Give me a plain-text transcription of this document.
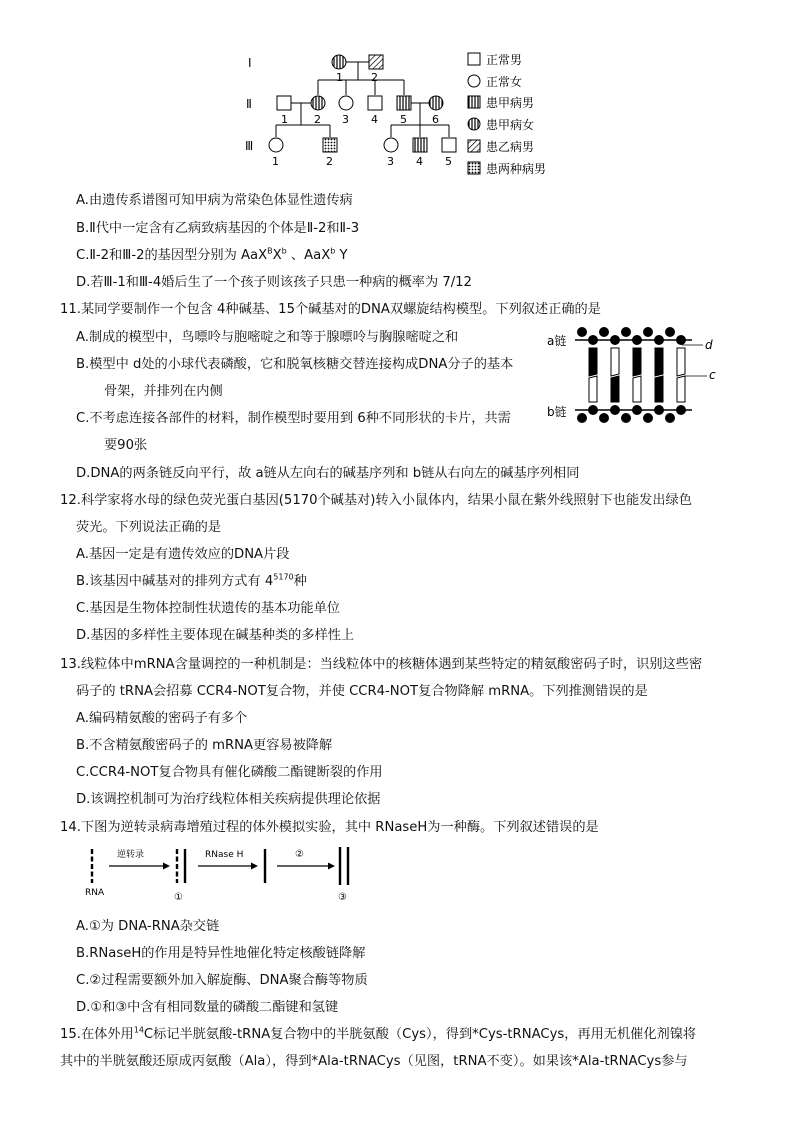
Ⅰ
Ⅱ
Ⅲ
1	2
1 2 3 4 5 6
1	2	3 4 5
正常男
正常女
患甲病男
患甲病女
患乙病男
患两种病男
A.由遗传系谱图可知甲病为常染色体显性遗传病
B.Ⅱ代中一定含有乙病致病基因的个体是Ⅱ-2和Ⅱ-3
C.Ⅱ-2和Ⅲ-2的基因型分别为 $AaX^BX^b$ 、AaX$^b$ Y
D.若Ⅲ-1和Ⅲ-4婚后生了一个孩子则该孩子只患一种病的概率为 7/12
11.某同学要制作一个包含 4种碱基、15个碱基对的DNA双螺旋结构模型。下列叙述正确的是
A.制成的模型中，鸟嘌呤与胞嘧啶之和等于腺嘌呤与胸腺嘧啶之和
B.模型中 d处的小球代表磷酸，它和脱氧核糖交替连接构成DNA分子的基本
骨架，并排列在内侧
C.不考虑连接各部件的材料，制作模型时要用到 6种不同形状的卡片，共需
要90张
D.DNA的两条链反向平行，故 a链从左向右的碱基序列和 b链从右向左的碱基序列相同
a链
b链
d
c
12.科学家将水母的绿色荧光蛋白基因(5170个碱基对)转入小鼠体内，结果小鼠在紫外线照射下也能发出绿色
荧光。下列说法正确的是
A.基因一定是有遗传效应的DNA片段
B.该基因中碱基对的排列方式有 $4^{5170}$种
C.基因是生物体控制性状遗传的基本功能单位
D.基因的多样性主要体现在碱基种类的多样性上
13.线粒体中mRNA含量调控的一种机制是：当线粒体中的核糖体遇到某些特定的精氨酸密码子时，识别这些密
码子的 tRNA会招募 CCR4-NOT复合物，并使 CCR4-NOT复合物降解 mRNA。下列推测错误的是
A.编码精氨酸的密码子有多个
B.不含精氨酸密码子的 mRNA更容易被降解
C.CCR4-NOT复合物具有催化磷酸二酯键断裂的作用
D.该调控机制可为治疗线粒体相关疾病提供理论依据
14.下图为逆转录病毒增殖过程的体外模拟实验，其中 RNaseH为一种酶。下列叙述错误的是
RNA
逆转录
①
RNase H	②
③
A.①为 DNA-RNA杂交链
B.RNaseH的作用是特异性地催化特定核酸链降解
C.②过程需要额外加入解旋酶、DNA聚合酶等物质
D.①和③中含有相同数量的磷酸二酯键和氢键
15.在体外用$^{14}$C标记半胱氨酸-tRNA复合物中的半胱氨酸（Cys），得到*Cys-tRNACys，再用无机催化剂镍将
其中的半胱氨酸还原成丙氨酸（Ala），得到*Ala-tRNACys（见图，tRNA不变）。如果该*Ala-tRNACys参与
